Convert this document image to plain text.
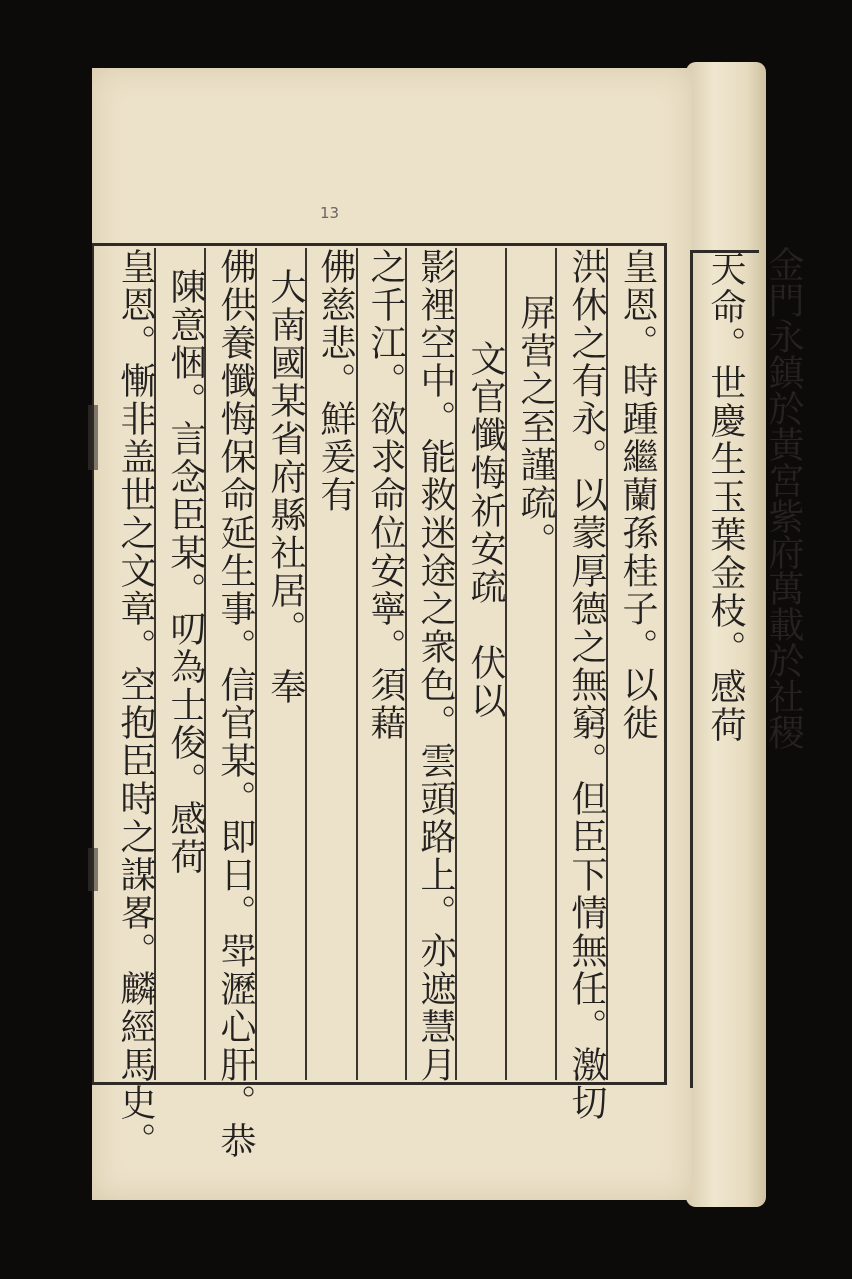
13
皇恩。時踵繼蘭孫桂子。以徙
洪休之有永。以蒙厚德之無窮。但臣下情無任。激切
屏营之至謹疏。
文官懺悔祈安疏　伏以
影裡空中。能救迷途之衆色。雲頭路上。亦遮慧月
之千江。欲求命位安寧。須藉
佛慈悲。鮮爰有
大南國某省府縣社居。　奉
佛供養懺悔保命延生事。信官某。即日。斝瀝心肝。恭
陳意悃。言念臣某。叨為士俊。感荷
皇恩。慚非盖世之文章。空抱臣時之謀畧。麟經馬史。	天命。世慶生玉葉金枝。感荷 金門永鎮於黃宮紫府萬載於社稷
